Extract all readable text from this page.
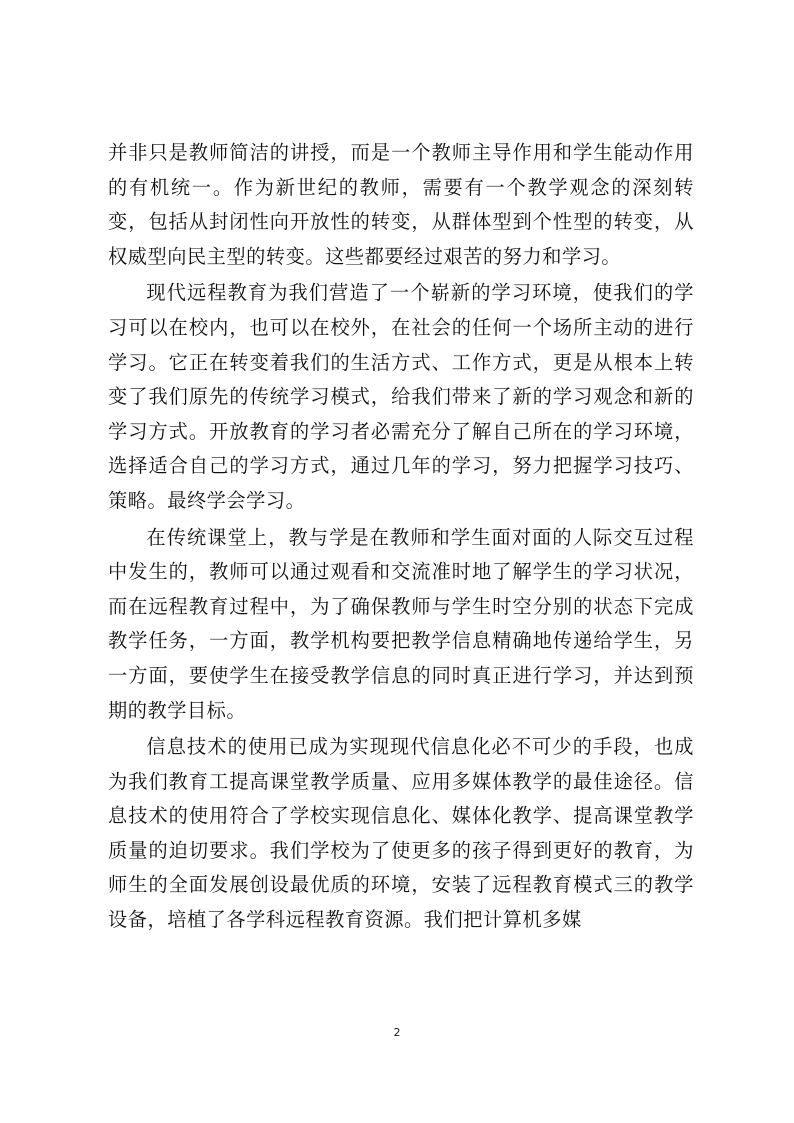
并非只是教师简洁的讲授，而是一个教师主导作用和学生能动作用的有机统一。作为新世纪的教师，需要有一个教学观念的深刻转变，包括从封闭性向开放性的转变，从群体型到个性型的转变，从权威型向民主型的转变。这些都要经过艰苦的努力和学习。

现代远程教育为我们营造了一个崭新的学习环境，使我们的学习可以在校内，也可以在校外，在社会的任何一个场所主动的进行学习。它正在转变着我们的生活方式、工作方式，更是从根本上转变了我们原先的传统学习模式，给我们带来了新的学习观念和新的学习方式。开放教育的学习者必需充分了解自己所在的学习环境，选择适合自己的学习方式，通过几年的学习，努力把握学习技巧、策略。最终学会学习。

在传统课堂上，教与学是在教师和学生面对面的人际交互过程中发生的，教师可以通过观看和交流准时地了解学生的学习状况，而在远程教育过程中，为了确保教师与学生时空分别的状态下完成教学任务，一方面，教学机构要把教学信息精确地传递给学生，另一方面，要使学生在接受教学信息的同时真正进行学习，并达到预期的教学目标。

信息技术的使用已成为实现现代信息化必不可少的手段，也成为我们教育工提高课堂教学质量、应用多媒体教学的最佳途径。信息技术的使用符合了学校实现信息化、媒体化教学、提高课堂教学质量的迫切要求。我们学校为了使更多的孩子得到更好的教育，为师生的全面发展创设最优质的环境，安装了远程教育模式三的教学设备，培植了各学科远程教育资源。我们把计算机多媒

2
